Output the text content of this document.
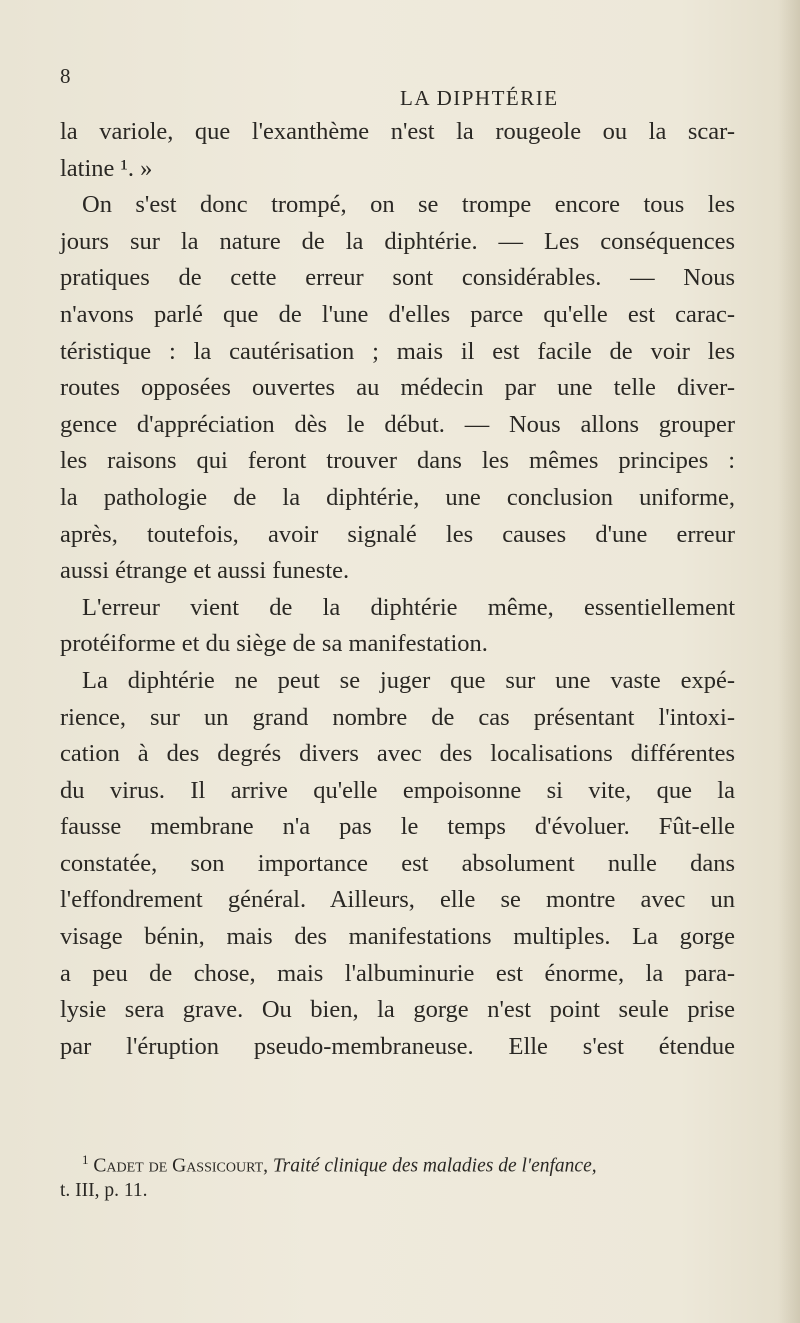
8
LA DIPHTÉRIE
la variole, que l'exanthème n'est la rougeole ou la scar-
latine ¹. »
On s'est donc trompé, on se trompe encore tous les
jours sur la nature de la diphtérie. — Les conséquences
pratiques de cette erreur sont considérables. — Nous
n'avons parlé que de l'une d'elles parce qu'elle est carac-
téristique : la cautérisation ; mais il est facile de voir les
routes opposées ouvertes au médecin par une telle diver-
gence d'appréciation dès le début. — Nous allons grouper
les raisons qui feront trouver dans les mêmes principes :
la pathologie de la diphtérie, une conclusion uniforme,
après, toutefois, avoir signalé les causes d'une erreur
aussi étrange et aussi funeste.
L'erreur vient de la diphtérie même, essentiellement
protéiforme et du siège de sa manifestation.
La diphtérie ne peut se juger que sur une vaste expé-
rience, sur un grand nombre de cas présentant l'intoxi-
cation à des degrés divers avec des localisations différentes
du virus. Il arrive qu'elle empoisonne si vite, que la
fausse membrane n'a pas le temps d'évoluer. Fût-elle
constatée, son importance est absolument nulle dans
l'effondrement général. Ailleurs, elle se montre avec un
visage bénin, mais des manifestations multiples. La gorge
a peu de chose, mais l'albuminurie est énorme, la para-
lysie sera grave. Ou bien, la gorge n'est point seule prise
par l'éruption pseudo-membraneuse. Elle s'est étendue
$^1$ Cadet de Gassicourt, Traité clinique des maladies de l'enfance,
t. III, p. 11.
